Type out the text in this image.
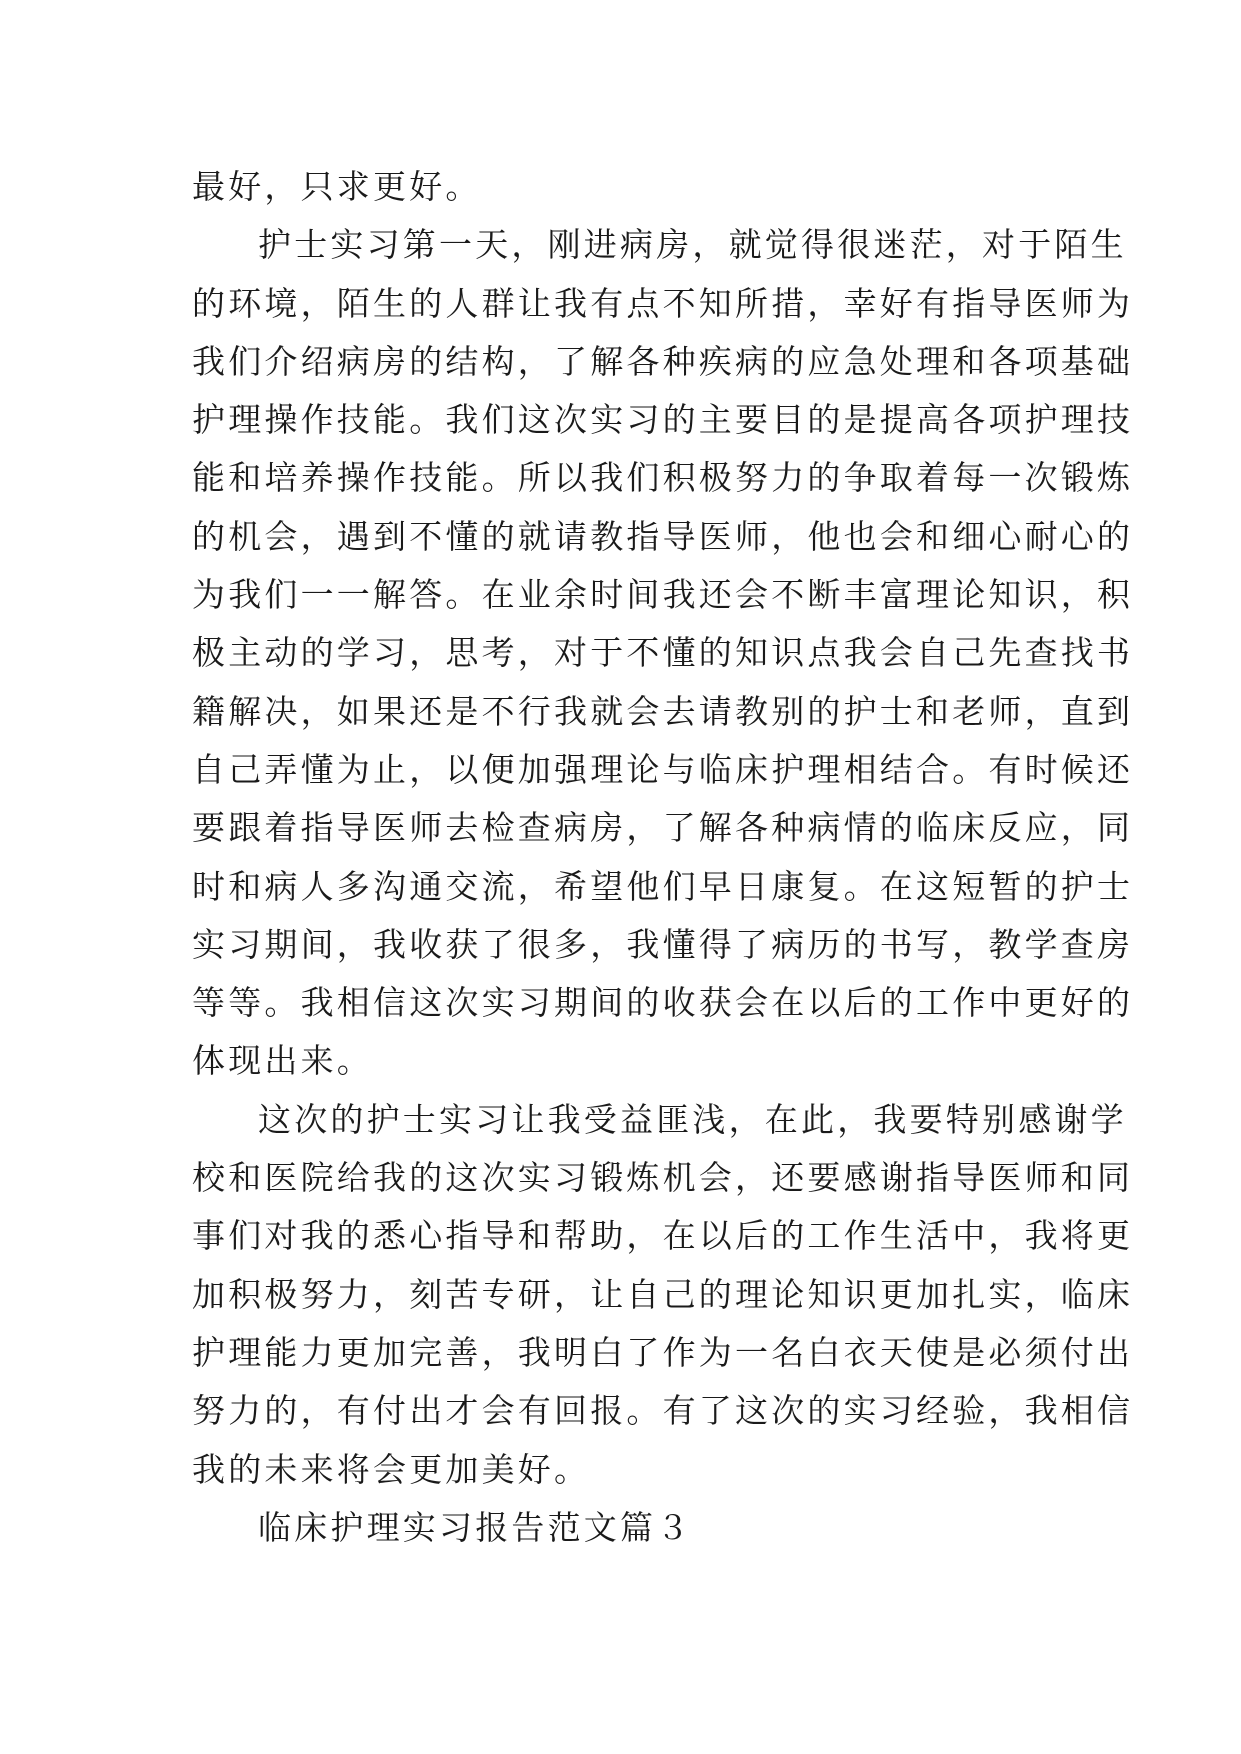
最好，只求更好。
护士实习第一天，刚进病房，就觉得很迷茫，对于陌生
的环境，陌生的人群让我有点不知所措，幸好有指导医师为
我们介绍病房的结构，了解各种疾病的应急处理和各项基础
护理操作技能。我们这次实习的主要目的是提高各项护理技
能和培养操作技能。所以我们积极努力的争取着每一次锻炼
的机会，遇到不懂的就请教指导医师，他也会和细心耐心的
为我们一一解答。在业余时间我还会不断丰富理论知识，积
极主动的学习，思考，对于不懂的知识点我会自己先查找书
籍解决，如果还是不行我就会去请教别的护士和老师，直到
自己弄懂为止，以便加强理论与临床护理相结合。有时候还
要跟着指导医师去检查病房，了解各种病情的临床反应，同
时和病人多沟通交流，希望他们早日康复。在这短暂的护士
实习期间，我收获了很多，我懂得了病历的书写，教学查房
等等。我相信这次实习期间的收获会在以后的工作中更好的
体现出来。
这次的护士实习让我受益匪浅，在此，我要特别感谢学
校和医院给我的这次实习锻炼机会，还要感谢指导医师和同
事们对我的悉心指导和帮助，在以后的工作生活中，我将更
加积极努力，刻苦专研，让自己的理论知识更加扎实，临床
护理能力更加完善，我明白了作为一名白衣天使是必须付出
努力的，有付出才会有回报。有了这次的实习经验，我相信
我的未来将会更加美好。
临床护理实习报告范文篇３
